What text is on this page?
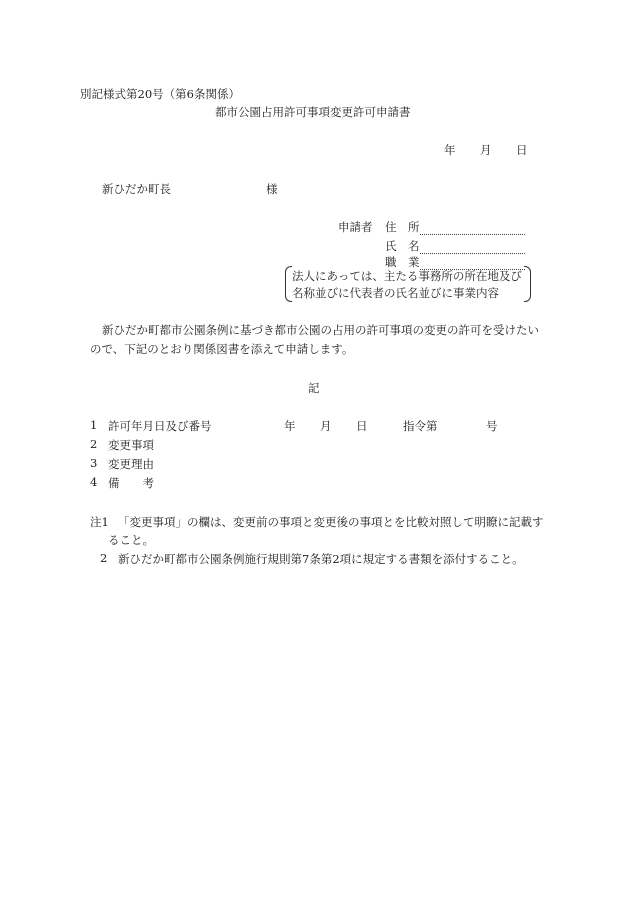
別記様式第20号（第6条関係）
都市公園占用許可事項変更許可申請書
年 月 日
新ひだか町長	様
申請者 住　所
氏　名
職　業
法人にあっては、主たる事務所の所在地及び
名称並びに代表者の氏名並びに事業内容
新ひだか町都市公園条例に基づき都市公園の占用の許可事項の変更の許可を受けたい
ので、下記のとおり関係図書を添えて申請します。
記
1 許可年月日及び番号	年 月 日	指令第	号
2 変更事項
3 変更理由
4 備　　考
注1 「変更事項」の欄は、変更前の事項と変更後の事項とを比較対照して明瞭に記載す
ること。
2 新ひだか町都市公園条例施行規則第7条第2項に規定する書類を添付すること。
